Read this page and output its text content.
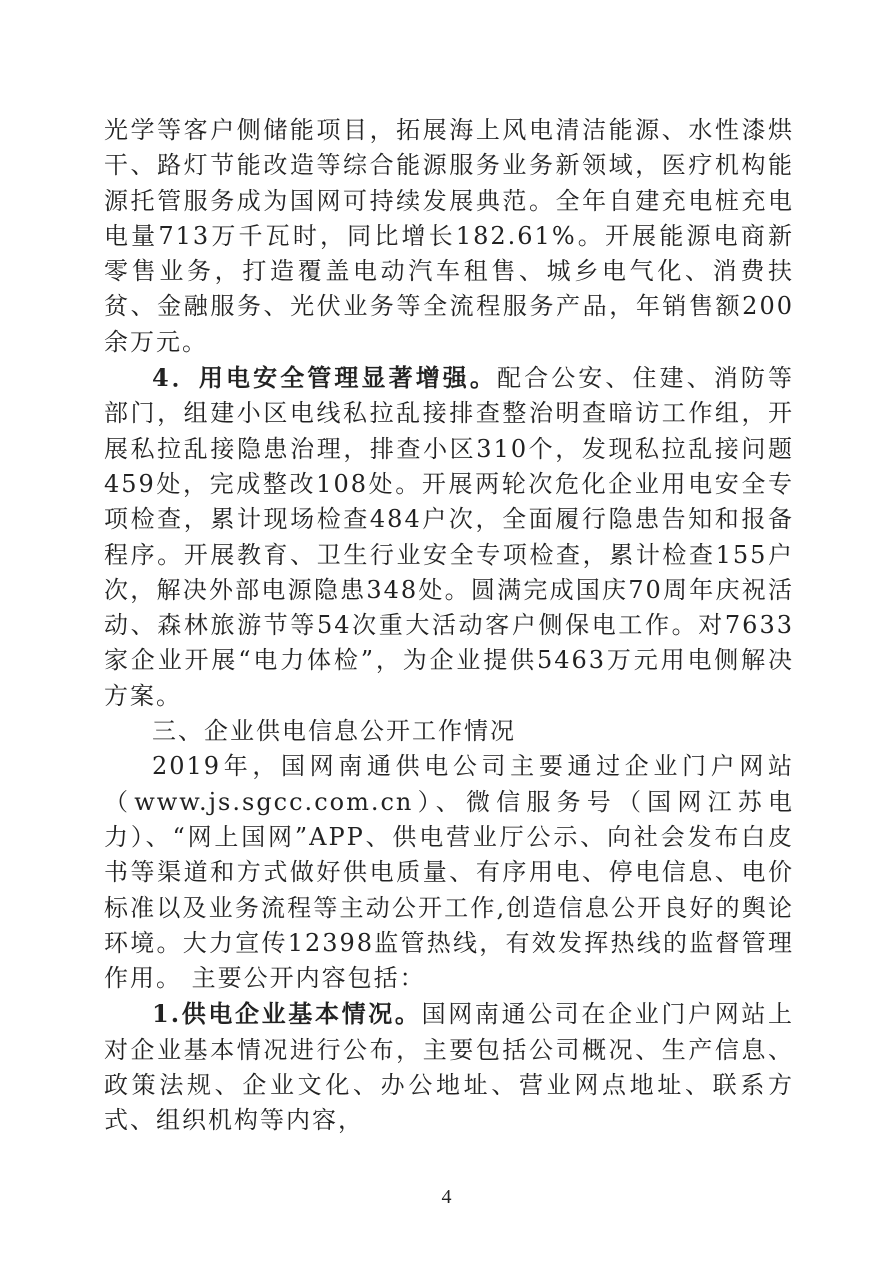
光学等客户侧储能项目，拓展海上风电清洁能源、水性漆烘干、路灯节能改造等综合能源服务业务新领域，医疗机构能源托管服务成为国网可持续发展典范。全年自建充电桩充电电量713万千瓦时，同比增长182.61%。开展能源电商新零售业务，打造覆盖电动汽车租售、城乡电气化、消费扶贫、金融服务、光伏业务等全流程服务产品，年销售额200余万元。

4．用电安全管理显著增强。配合公安、住建、消防等部门，组建小区电线私拉乱接排查整治明查暗访工作组，开展私拉乱接隐患治理，排查小区310个，发现私拉乱接问题459处，完成整改108处。开展两轮次危化企业用电安全专项检查，累计现场检查484户次，全面履行隐患告知和报备程序。开展教育、卫生行业安全专项检查，累计检查155户次，解决外部电源隐患348处。圆满完成国庆70周年庆祝活动、森林旅游节等54次重大活动客户侧保电工作。对7633家企业开展“电力体检”，为企业提供5463万元用电侧解决方案。

三、企业供电信息公开工作情况

2019年，国网南通供电公司主要通过企业门户网站（www.js.sgcc.com.cn）、微信服务号（国网江苏电力）、“网上国网”APP、供电营业厅公示、向社会发布白皮书等渠道和方式做好供电质量、有序用电、停电信息、电价标准以及业务流程等主动公开工作,创造信息公开良好的舆论环境。大力宣传12398监管热线，有效发挥热线的监督管理作用。 主要公开内容包括：

1.供电企业基本情况。国网南通公司在企业门户网站上对企业基本情况进行公布，主要包括公司概况、生产信息、政策法规、企业文化、办公地址、营业网点地址、联系方式、组织机构等内容，

4
